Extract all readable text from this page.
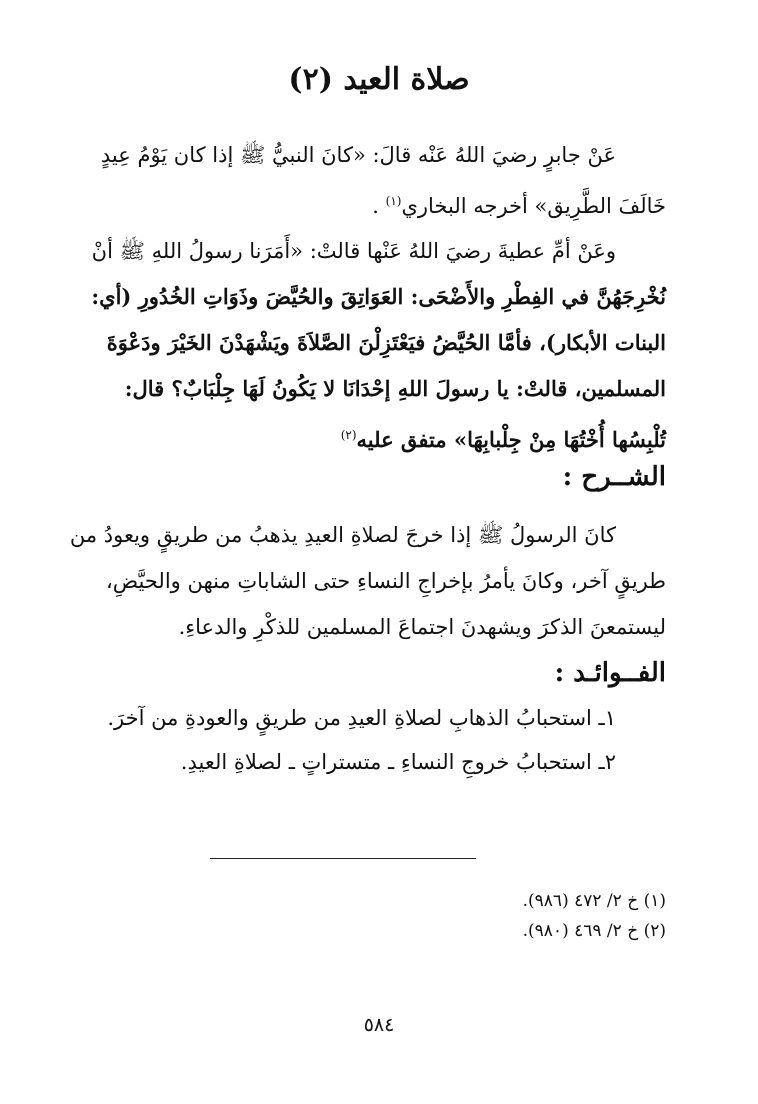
صلاة العيد (٢)
عَنْ جابرٍ رضيَ اللهُ عَنْه قالَ: «كانَ النبيُّ ﷺ إذا كان يَوْمُ عِيدٍ
خَالَفَ الطَّرِيق» أخرجه البخاري$^{(١)}$ .
وعَنْ أمِّ عطيةَ رضيَ اللهُ عَنْها قالتْ: «أَمَرَنا رسولُ اللهِ ﷺ أنْ
نُخْرِجَهُنَّ في الفِطْرِ والأَضْحَى: العَوَاتِقَ والحُيَّضَ وذَوَاتِ الخُدُورِ (أي:
البنات الأبكار)، فأمَّا الحُيَّضُ فيَعْتَزِلْنَ الصَّلاَةَ ويَشْهَدْنَ الخَيْرَ ودَعْوَةَ
المسلمين، قالتْ: يا رسولَ اللهِ إحْدَانَا لا يَكُونُ لَهَا جِلْبَابٌ؟ قال:
تُلْبِسُها أُخْتُهَا مِنْ جِلْبابِهَا» متفق عليه$^{(٢)}$
الشــرح :
كانَ الرسولُ ﷺ إذا خرجَ لصلاةِ العيدِ يذهبُ من طريقٍ ويعودُ من
طريقٍ آخر، وكانَ يأمرُ بإخراجِ النساءِ حتى الشاباتِ منهن والحيَّضِ،
ليستمعنَ الذكرَ ويشهدنَ اجتماعَ المسلمين للذكْرِ والدعاءِ.
الفــوائـد :
١ـ استحبابُ الذهابِ لصلاةِ العيدِ من طريقٍ والعودةِ من آخرَ.
٢ـ استحبابُ خروجِ النساءِ ـ متستراتٍ ـ لصلاةِ العيدِ.
(١) خ ٢/ ٤٧٢ (٩٨٦).
(٢) خ ٢/ ٤٦٩ (٩٨٠).
٥٨٤
